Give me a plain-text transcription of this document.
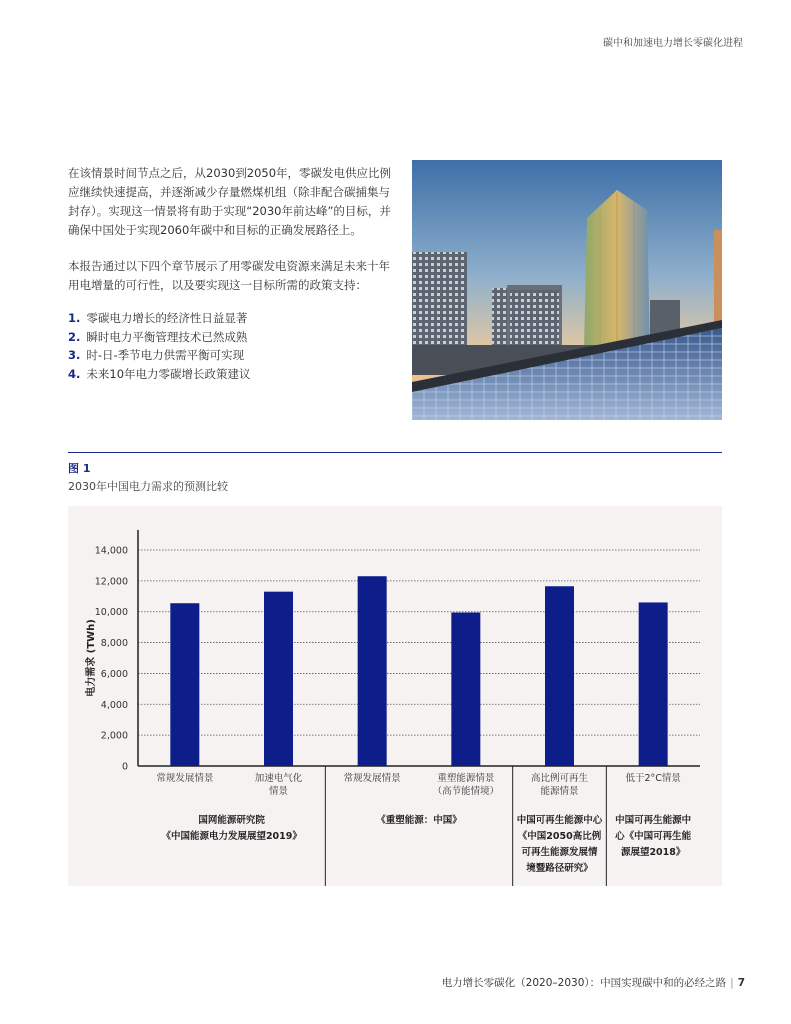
碳中和加速电力增长零碳化进程

在该情景时间节点之后，从2030到2050年，零碳发电供应比例应继续快速提高，并逐渐减少存量燃煤机组（除非配合碳捕集与封存）。实现这一情景将有助于实现“2030年前达峰”的目标，并确保中国处于实现2060年碳中和目标的正确发展路径上。

本报告通过以下四个章节展示了用零碳发电资源来满足未来十年用电增量的可行性，以及要实现这一目标所需的政策支持：

1. 零碳电力增长的经济性日益显著
2. 瞬时电力平衡管理技术已然成熟
3. 时-日-季节电力供需平衡可实现
4. 未来10年电力零碳增长政策建议
图 1
2030年中国电力需求的预测比较
0
2,000
4,000
6,000
8,000
10,000
12,000
14,000
电力需求 (TWh)
常规发展情景	加速电气化
情景
常规发展情景	重塑能源情景
（高节能情境）
高比例可再生
能源情景
低于2°C情景
国网能源研究院
《中国能源电力发展展望2019》
《重塑能源：中国》	中国可再生能源中心
《中国2050高比例
可再生能源发展情
境暨路径研究》
中国可再生能源中
心《中国可再生能
源展望2018》
电力增长零碳化（2020–2030）：中国实现碳中和的必经之路 | 7
